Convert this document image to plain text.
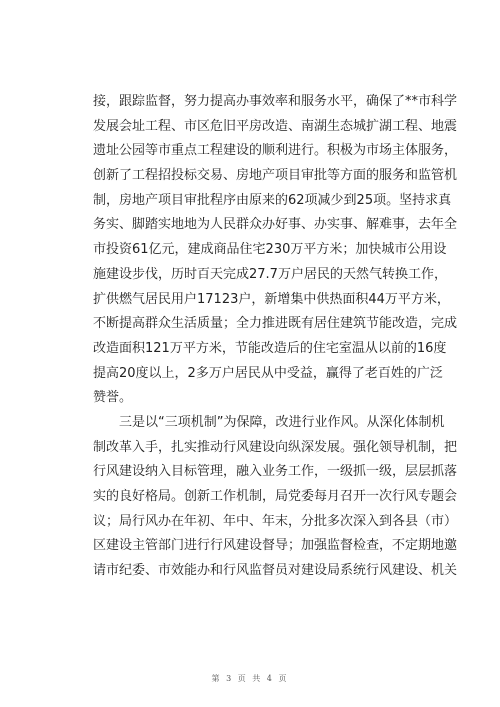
接，跟踪监督，努力提高办事效率和服务水平，确保了**市科学
发展会址工程、市区危旧平房改造、南湖生态城扩湖工程、地震
遗址公园等市重点工程建设的顺利进行。积极为市场主体服务，
创新了工程招投标交易、房地产项目审批等方面的服务和监管机
制，房地产项目审批程序由原来的62项减少到25项。坚持求真
务实、脚踏实地地为人民群众办好事、办实事、解难事，去年全
市投资61亿元，建成商品住宅230万平方米；加快城市公用设
施建设步伐，历时百天完成27.7万户居民的天然气转换工作，
扩供燃气居民用户17123户，新增集中供热面积44万平方米，
不断提高群众生活质量；全力推进既有居住建筑节能改造，完成
改造面积121万平方米，节能改造后的住宅室温从以前的16度
提高20度以上，2多万户居民从中受益，赢得了老百姓的广泛
赞誉。
　　三是以“三项机制”为保障，改进行业作风。从深化体制机
制改革入手，扎实推动行风建设向纵深发展。强化领导机制，把
行风建设纳入目标管理，融入业务工作，一级抓一级，层层抓落
实的良好格局。创新工作机制，局党委每月召开一次行风专题会
议；局行风办在年初、年中、年末，分批多次深入到各县（市）
区建设主管部门进行行风建设督导；加强监督检查，不定期地邀
请市纪委、市效能办和行风监督员对建设局系统行风建设、机关
第 3 页 共 4 页
